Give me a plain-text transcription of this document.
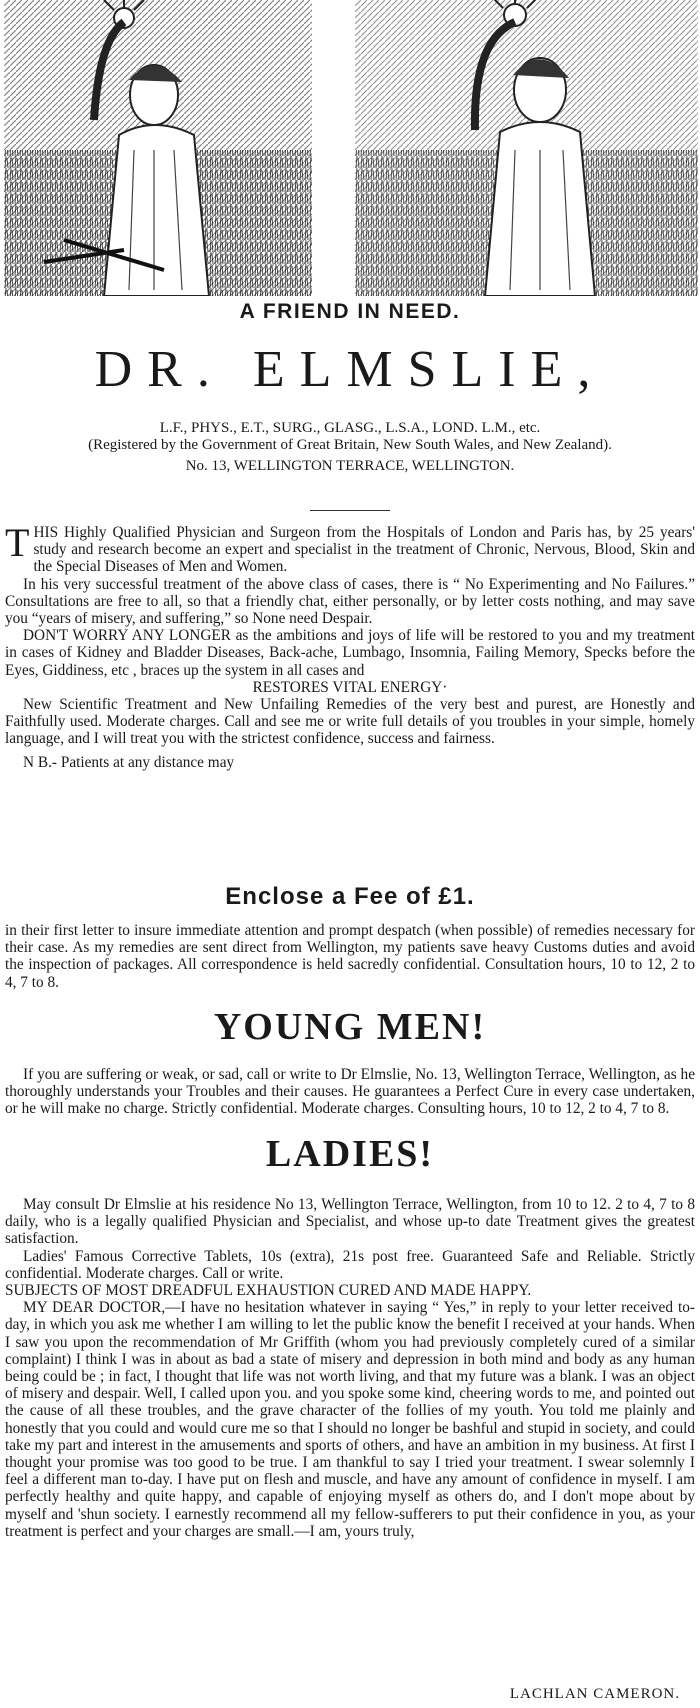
A FRIEND IN NEED.
DR. ELMSLIE,
L.F., PHYS., E.T., SURG., GLASG., L.S.A., LOND. L.M., etc.
(Registered by the Government of Great Britain, New South Wales, and New Zealand).
No. 13, WELLINGTON TERRACE, WELLINGTON.

THIS Highly Qualified Physician and Surgeon from the Hospitals of London and Paris has, by 25 years' study and research become an expert and specialist in the treatment of Chronic, Nervous, Blood, Skin and the Special Diseases of Men and Women.

In his very successful treatment of the above class of cases, there is “ No Experimenting and No Failures.” Consultations are free to all, so that a friendly chat, either personally, or by letter costs nothing, and may save you “years of misery, and suffering,” so None need Despair.

DON'T WORRY ANY LONGER as the ambitions and joys of life will be restored to you and my treatment in cases of Kidney and Bladder Diseases, Back-ache, Lumbago, Insomnia, Failing Memory, Specks before the Eyes, Giddiness, etc , braces up the system in all cases and

RESTORES VITAL ENERGY·

New Scientific Treatment and New Unfailing Remedies of the very best and purest, are Honestly and Faithfully used. Moderate charges. Call and see me or write full details of you troubles in your simple, homely language, and I will treat you with the strictest confidence, success and fairness.

N B.- Patients at any distance may

Enclose a Fee of £1.

in their first letter to insure immediate attention and prompt despatch (when possible) of remedies necessary for their case. As my remedies are sent direct from Wellington, my patients save heavy Customs duties and avoid the inspection of packages. All correspondence is held sacredly confidential. Consultation hours, 10 to 12, 2 to 4, 7 to 8.

YOUNG MEN!

If you are suffering or weak, or sad, call or write to Dr Elmslie, No. 13, Wellington Terrace, Wellington, as he thoroughly understands your Troubles and their causes. He guarantees a Perfect Cure in every case undertaken, or he will make no charge. Strictly confidential. Moderate charges. Consulting hours, 10 to 12, 2 to 4, 7 to 8.

LADIES!

May consult Dr Elmslie at his residence No 13, Wellington Terrace, Wellington, from 10 to 12. 2 to 4, 7 to 8 daily, who is a legally qualified Physician and Specialist, and whose up-to date Treatment gives the greatest satisfaction.

Ladies' Famous Corrective Tablets, 10s (extra), 21s post free. Guaranteed Safe and Reliable. Strictly confidential. Moderate charges. Call or write.

SUBJECTS OF MOST DREADFUL EXHAUSTION CURED AND MADE HAPPY.

MY DEAR DOCTOR,—I have no hesitation whatever in saying “ Yes,” in reply to your letter received to-day, in which you ask me whether I am willing to let the public know the benefit I received at your hands. When I saw you upon the recommendation of Mr Griffith (whom you had previously completely cured of a similar complaint) I think I was in about as bad a state of misery and depression in both mind and body as any human being could be ; in fact, I thought that life was not worth living, and that my future was a blank. I was an object of misery and despair. Well, I called upon you. and you spoke some kind, cheering words to me, and pointed out the cause of all these troubles, and the grave character of the follies of my youth. You told me plainly and honestly that you could and would cure me so that I should no longer be bashful and stupid in society, and could take my part and interest in the amusements and sports of others, and have an ambition in my business. At first I thought your promise was too good to be true. I am thankful to say I tried your treatment. I swear solemnly I feel a different man to-day. I have put on flesh and muscle, and have any amount of confidence in myself. I am perfectly healthy and quite happy, and capable of enjoying myself as others do, and I don't mope about by myself and 'shun society. I earnestly recommend all my fellow-sufferers to put their confidence in you, as your treatment is perfect and your charges are small.—I am, yours truly,

LACHLAN CAMERON.
